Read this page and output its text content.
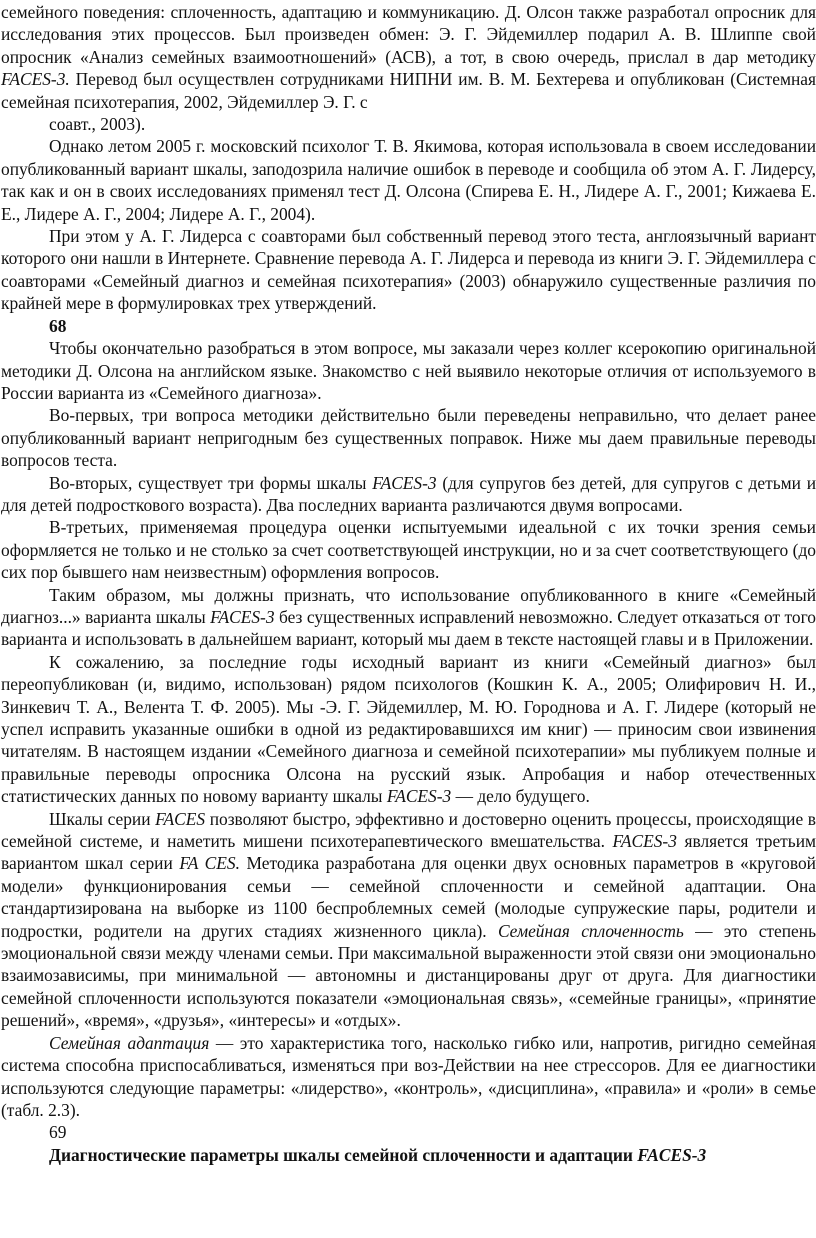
семейного поведения: сплоченность, адаптацию и коммуникацию. Д. Олсон также разработал опросник для исследования этих процессов. Был произведен обмен: Э. Г. Эйдемиллер подарил А. В. Шлиппе свой опросник «Анализ семейных взаимоотношений» (АСВ), а тот, в свою очередь, прислал в дар методику FACES-3. Перевод был осуществлен сотрудниками НИПНИ им. В. М. Бехтерева и опубликован (Системная семейная психотерапия, 2002, Эйдемиллер Э. Г. с
соавт., 2003).

Однако летом 2005 г. московский психолог Т. В. Якимова, которая использовала в своем исследовании опубликованный вариант шкалы, заподозрила наличие ошибок в переводе и сообщила об этом А. Г. Лидерсу, так как и он в своих исследованиях применял тест Д. Олсона (Спирева Е. Н., Лидере А. Г., 2001; Кижаева Е. Е., Лидере А. Г., 2004; Лидере А. Г., 2004).

При этом у А. Г. Лидерса с соавторами был собственный перевод этого теста, англоязычный вариант которого они нашли в Интернете. Сравнение перевода А. Г. Лидерса и перевода из книги Э. Г. Эйдемиллера с соавторами «Семейный диагноз и семейная психотерапия» (2003) обнаружило существенные различия по крайней мере в формулировках трех утверждений.

68

Чтобы окончательно разобраться в этом вопросе, мы заказали через коллег ксерокопию оригинальной методики Д. Олсона на английском языке. Знакомство с ней выявило некоторые отличия от используемого в России варианта из «Семейного диагноза».

Во-первых, три вопроса методики действительно были переведены неправильно, что делает ранее опубликованный вариант непригодным без существенных поправок. Ниже мы даем правильные переводы вопросов теста.

Во-вторых, существует три формы шкалы FACES-3 (для супругов без детей, для супругов с детьми и для детей подросткового возраста). Два последних варианта различаются двумя вопросами.

В-третьих, применяемая процедура оценки испытуемыми идеальной с их точки зрения семьи оформляется не только и не столько за счет соответствующей инструкции, но и за счет соответствующего (до сих пор бывшего нам неизвестным) оформления вопросов.

Таким образом, мы должны признать, что использование опубликованного в книге «Семейный диагноз...» варианта шкалы FACES-3 без существенных исправлений невозможно. Следует отказаться от того варианта и использовать в дальнейшем вариант, который мы даем в тексте настоящей главы и в Приложении.

К сожалению, за последние годы исходный вариант из книги «Семейный диагноз» был переопубликован (и, видимо, использован) рядом психологов (Кошкин К. А., 2005; Олифирович Н. И., Зинкевич Т. А., Велента Т. Ф. 2005). Мы -Э. Г. Эйдемиллер, М. Ю. Городнова и А. Г. Лидере (который не успел исправить указанные ошибки в одной из редактировавшихся им книг) — приносим свои извинения читателям. В настоящем издании «Семейного диагноза и семейной психотерапии» мы публикуем полные и правильные переводы опросника Олсона на русский язык. Апробация и набор отечественных статистических данных по новому варианту шкалы FACES-3 — дело будущего.

Шкалы серии FACES позволяют быстро, эффективно и достоверно оценить процессы, происходящие в семейной системе, и наметить мишени психотерапевтического вмешательства. FACES-3 является третьим вариантом шкал серии FA CES. Методика разработана для оценки двух основных параметров в «круговой модели» функционирования семьи — семейной сплоченности и семейной адаптации. Она стандартизирована на выборке из 1100 беспроблемных семей (молодые супружеские пары, родители и подростки, родители на других стадиях жизненного цикла). Семейная сплоченность — это степень эмоциональной связи между членами семьи. При максимальной выраженности этой связи они эмоционально взаимозависимы, при минимальной — автономны и дистанцированы друг от друга. Для диагностики семейной сплоченности используются показатели «эмоциональная связь», «семейные границы», «принятие решений», «время», «друзья», «интересы» и «отдых».

Семейная адаптация — это характеристика того, насколько гибко или, напротив, ригидно семейная система способна приспосабливаться, изменяться при воз-Действии на нее стрессоров. Для ее диагностики используются следующие параметры: «лидерство», «контроль», «дисциплина», «правила» и «роли» в семье (табл. 2.3).

69

Диагностические параметры шкалы семейной сплоченности и адаптации FACES-3
